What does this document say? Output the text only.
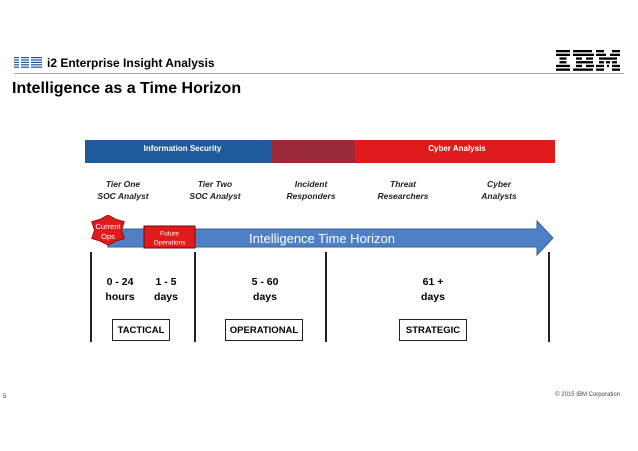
i2 Enterprise Insight Analysis
Intelligence as a Time Horizon
Information Security	Cyber Analysis
Tier One
SOC Analyst
Tier Two
SOC Analyst
Incident
Responders
Threat
Researchers
Cyber
Analysts
Intelligence Time Horizon
Current
Ops	Future
Operations
0 - 24
hours
1 - 5
days
5 - 60
days
61 +
days
TACTICAL	OPERATIONAL	STRATEGIC
5	© 2015 IBM Corporation
